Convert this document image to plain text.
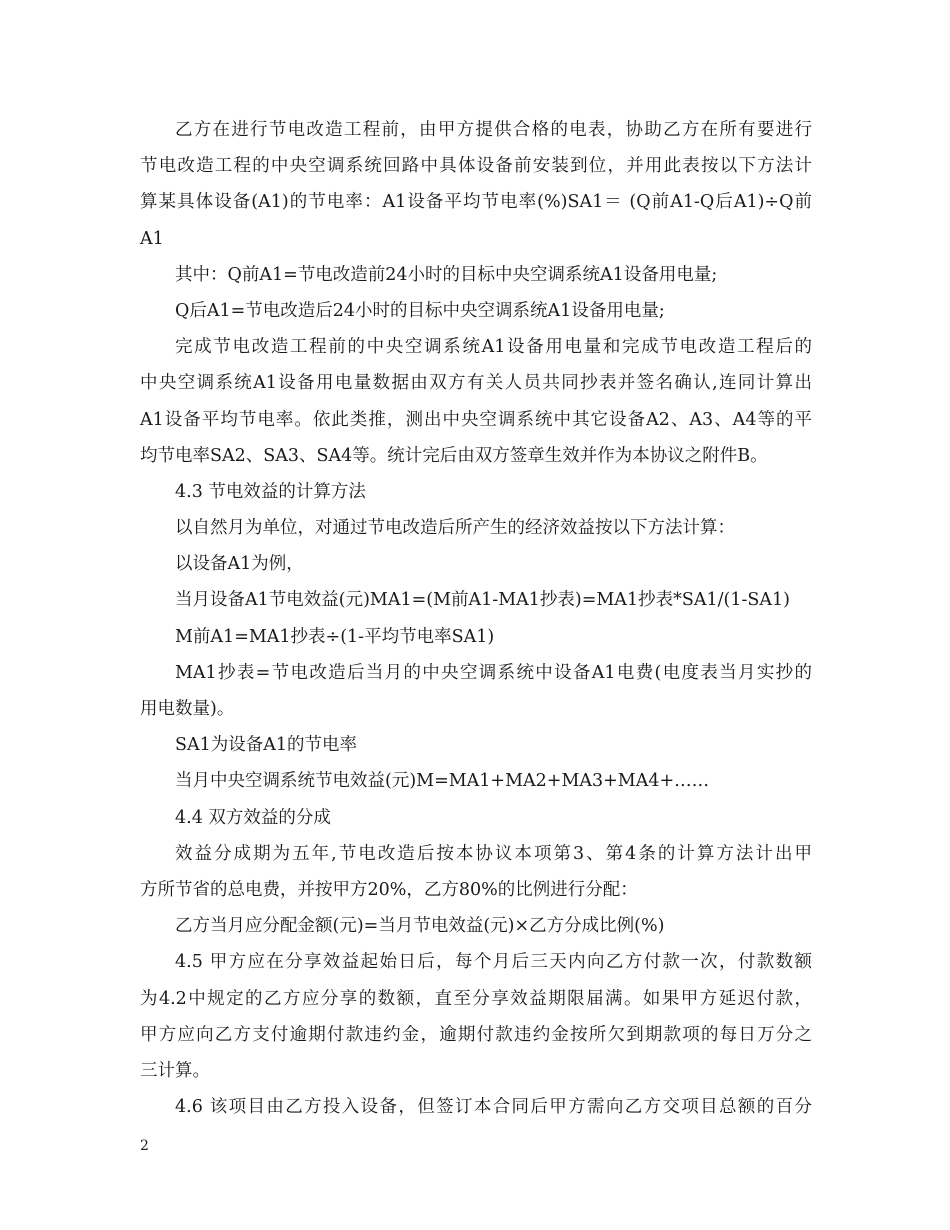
乙方在进行节电改造工程前，由甲方提供合格的电表，协助乙方在所有要进行
节电改造工程的中央空调系统回路中具体设备前安装到位，并用此表按以下方法计
算某具体设备(A1)的节电率：A1设备平均节电率(%)SA1＝ (Q前A1-Q后A1)÷Q前
A1
其中：Q前A1=节电改造前24小时的目标中央空调系统A1设备用电量;
Q后A1=节电改造后24小时的目标中央空调系统A1设备用电量;
完成节电改造工程前的中央空调系统A1设备用电量和完成节电改造工程后的
中央空调系统A1设备用电量数据由双方有关人员共同抄表并签名确认,连同计算出
A1设备平均节电率。依此类推，测出中央空调系统中其它设备A2、A3、A4等的平
均节电率SA2、SA3、SA4等。统计完后由双方签章生效并作为本协议之附件B。
4.3 节电效益的计算方法
以自然月为单位，对通过节电改造后所产生的经济效益按以下方法计算：
以设备A1为例，
当月设备A1节电效益(元)MA1=(M前A1-MA1抄表)=MA1抄表*SA1/(1-SA1)
M前A1=MA1抄表÷(1-平均节电率SA1)
MA1抄表=节电改造后当月的中央空调系统中设备A1电费(电度表当月实抄的
用电数量)。
SA1为设备A1的节电率
当月中央空调系统节电效益(元)M=MA1+MA2+MA3+MA4+……
4.4 双方效益的分成
效益分成期为五年,节电改造后按本协议本项第3、第4条的计算方法计出甲
方所节省的总电费，并按甲方20%，乙方80%的比例进行分配：
乙方当月应分配金额(元)=当月节电效益(元)×乙方分成比例(%)
4.5 甲方应在分享效益起始日后，每个月后三天内向乙方付款一次，付款数额
为4.2中规定的乙方应分享的数额，直至分享效益期限届满。如果甲方延迟付款，
甲方应向乙方支付逾期付款违约金，逾期付款违约金按所欠到期款项的每日万分之
三计算。
4.6 该项目由乙方投入设备，但签订本合同后甲方需向乙方交项目总额的百分
2
